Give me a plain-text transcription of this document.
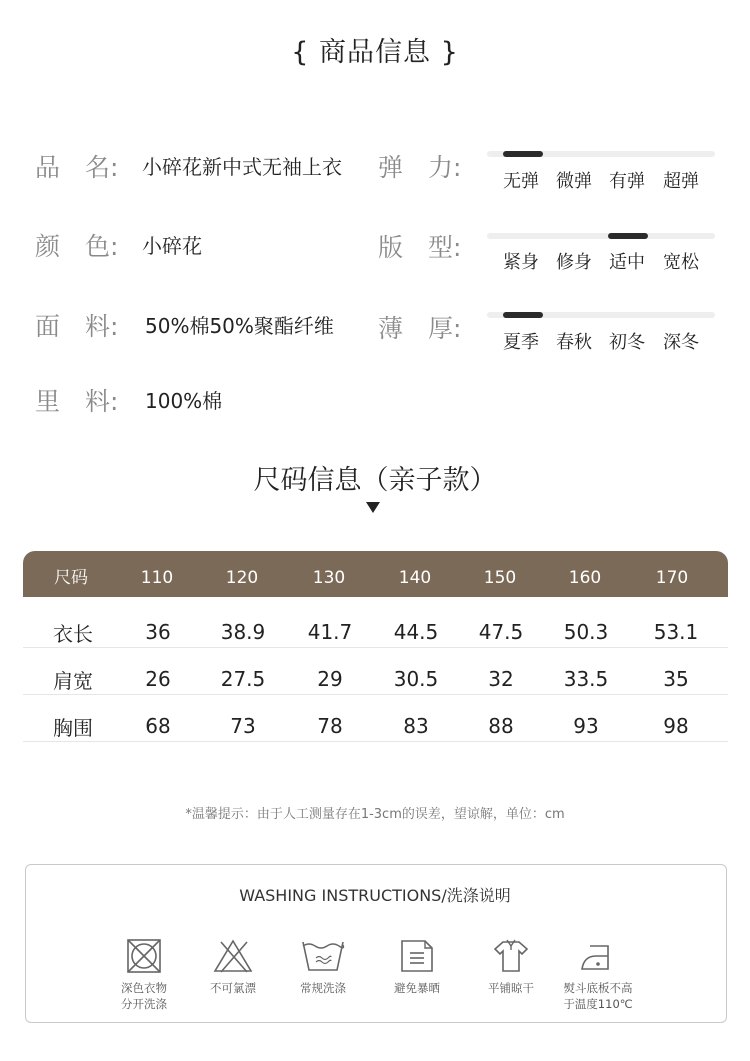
{ 商品信息 }
品　名: 小碎花新中式无袖上衣
颜　色: 小碎花
面　料: 50%棉50%聚酯纤维
里　料: 100%棉
弹　力: 无弹 微弹 有弹 超弹
版　型:
紧身 修身 适中 宽松
薄　厚: 夏季 春秋 初冬 深冬
尺码信息（亲子款）
尺码	110	120	130	140	150	160	170
衣长	36	38.9	41.7	44.5	47.5	50.3	53.1
肩宽	26	27.5	29	30.5	32	33.5	35
胸围	68	73	78	83	88	93	98
*温馨提示：由于人工测量存在1-3cm的误差，望谅解，单位：cm
WASHING INSTRUCTIONS/洗涤说明
深色衣物
分开洗涤
不可氯漂	常规洗涤	避免暴晒	平铺晾干	熨斗底板不高
于温度110℃
